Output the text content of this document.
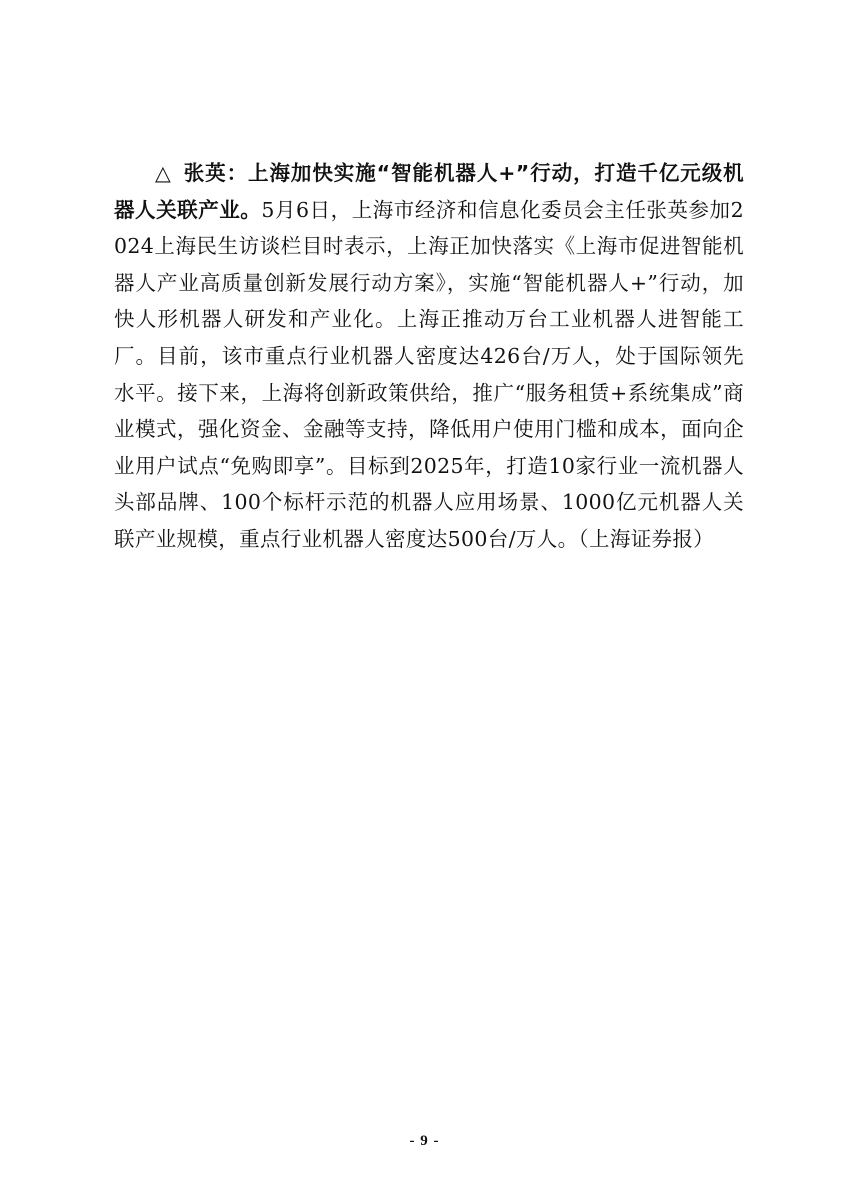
△ 张英：上海加快实施“智能机器人+”行动，打造千亿元级机器人关联产业。5月6日，上海市经济和信息化委员会主任张英参加2024上海民生访谈栏目时表示，上海正加快落实《上海市促进智能机器人产业高质量创新发展行动方案》，实施“智能机器人+”行动，加快人形机器人研发和产业化。上海正推动万台工业机器人进智能工厂。目前，该市重点行业机器人密度达426台/万人，处于国际领先水平。接下来，上海将创新政策供给，推广“服务租赁+系统集成”商业模式，强化资金、金融等支持，降低用户使用门槛和成本，面向企业用户试点“免购即享”。目标到2025年，打造10家行业一流机器人头部品牌、100个标杆示范的机器人应用场景、1000亿元机器人关联产业规模，重点行业机器人密度达500台/万人。（上海证券报）

- 9 -
